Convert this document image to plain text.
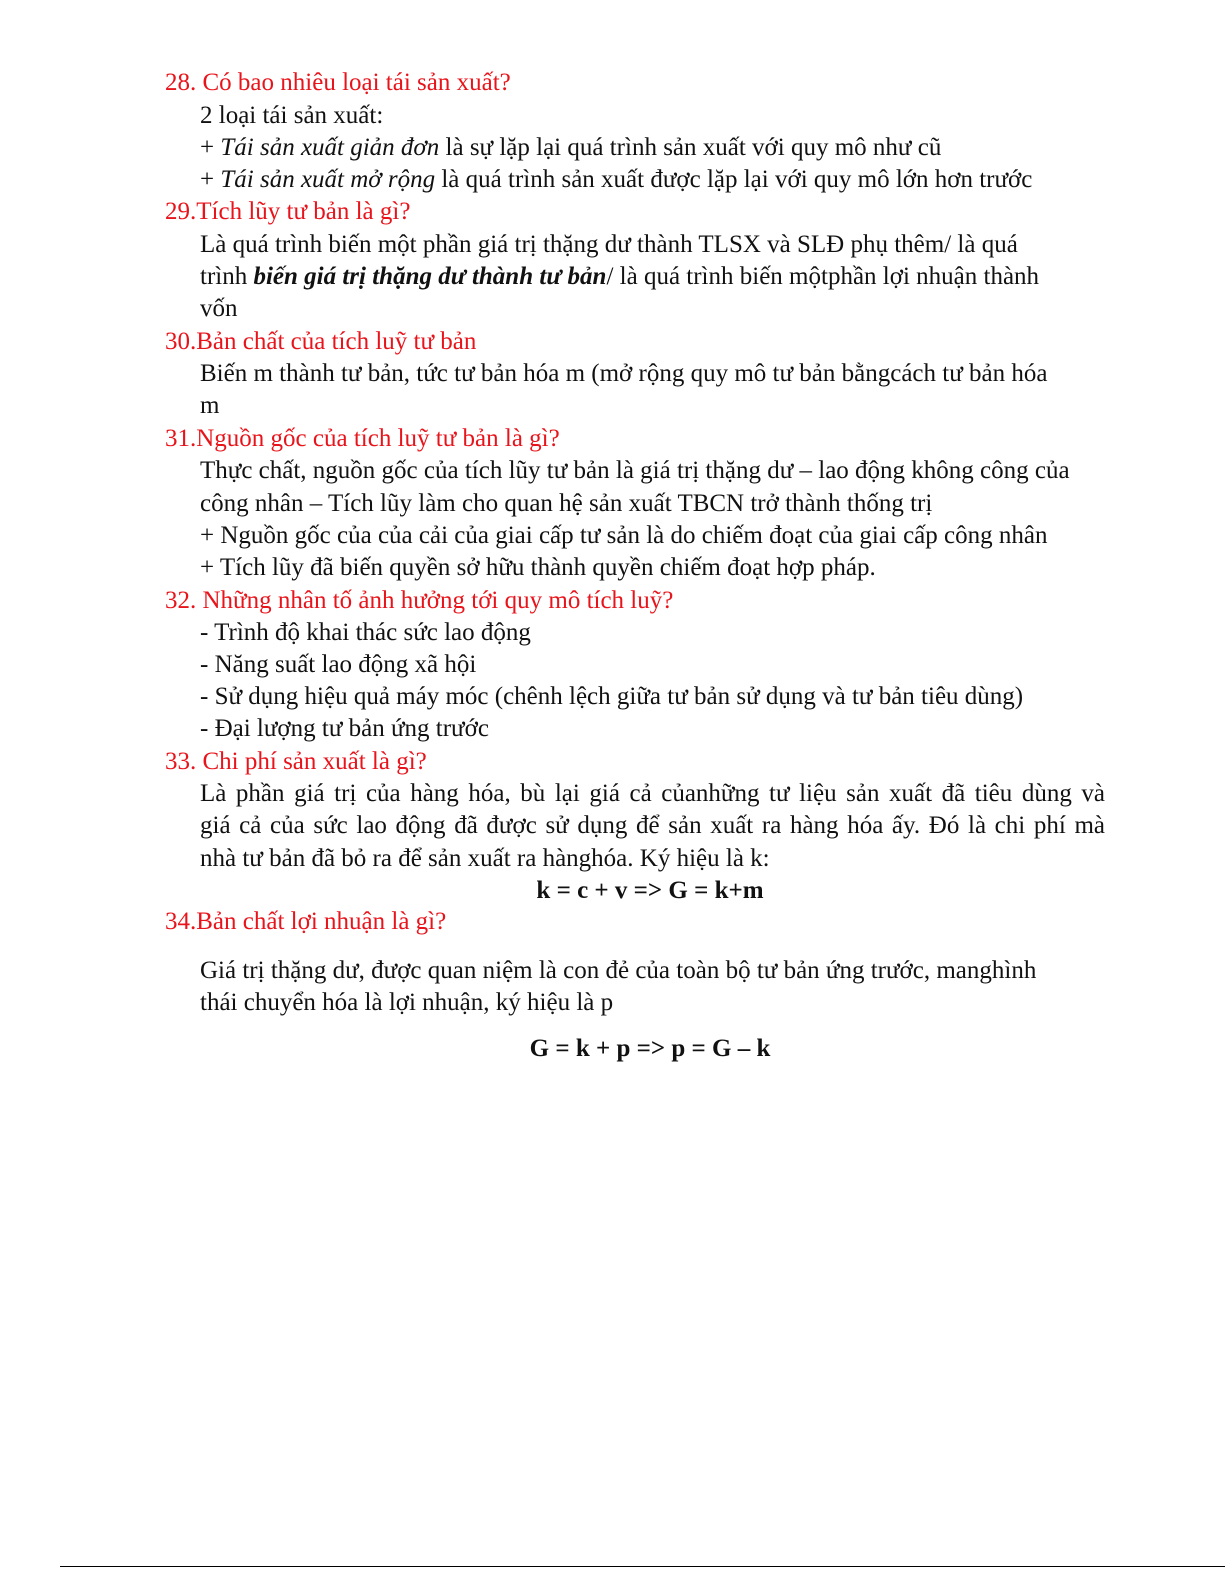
28. Có bao nhiêu loại tái sản xuất?
2 loại tái sản xuất:
+ Tái sản xuất giản đơn là sự lặp lại quá trình sản xuất với quy mô như cũ
+ Tái sản xuất mở rộng là quá trình sản xuất được lặp lại với quy mô lớn hơn trước
29.Tích lũy tư bản là gì?
Là quá trình biến một phần giá trị thặng dư thành TLSX và SLĐ phụ thêm/ là quá
trình biến giá trị thặng dư thành tư bản/ là quá trình biến mộtphần lợi nhuận thành
vốn
30.Bản chất của tích luỹ tư bản
Biến m thành tư bản, tức tư bản hóa m (mở rộng quy mô tư bản bằngcách tư bản hóa
m
31.Nguồn gốc của tích luỹ tư bản là gì?
Thực chất, nguồn gốc của tích lũy tư bản là giá trị thặng dư – lao động không công của
công nhân – Tích lũy làm cho quan hệ sản xuất TBCN trở thành thống trị
+ Nguồn gốc của của cải của giai cấp tư sản là do chiếm đoạt của giai cấp công nhân
+ Tích lũy đã biến quyền sở hữu thành quyền chiếm đoạt hợp pháp.
32. Những nhân tố ảnh hưởng tới quy mô tích luỹ?
- Trình độ khai thác sức lao động
- Năng suất lao động xã hội
- Sử dụng hiệu quả máy móc (chênh lệch giữa tư bản sử dụng và tư bản tiêu dùng)
- Đại lượng tư bản ứng trước
33. Chi phí sản xuất là gì?
Là phần giá trị của hàng hóa, bù lại giá cả củanhững tư liệu sản xuất đã tiêu dùng và
giá cả của sức lao động đã được sử dụng để sản xuất ra hàng hóa ấy. Đó là chi phí mà
nhà tư bản đã bỏ ra để sản xuất ra hànghóa. Ký hiệu là k:
k = c + v => G = k+m
34.Bản chất lợi nhuận là gì?
Giá trị thặng dư, được quan niệm là con đẻ của toàn bộ tư bản ứng trước, manghình
thái chuyển hóa là lợi nhuận, ký hiệu là p
G = k + p => p = G – k
